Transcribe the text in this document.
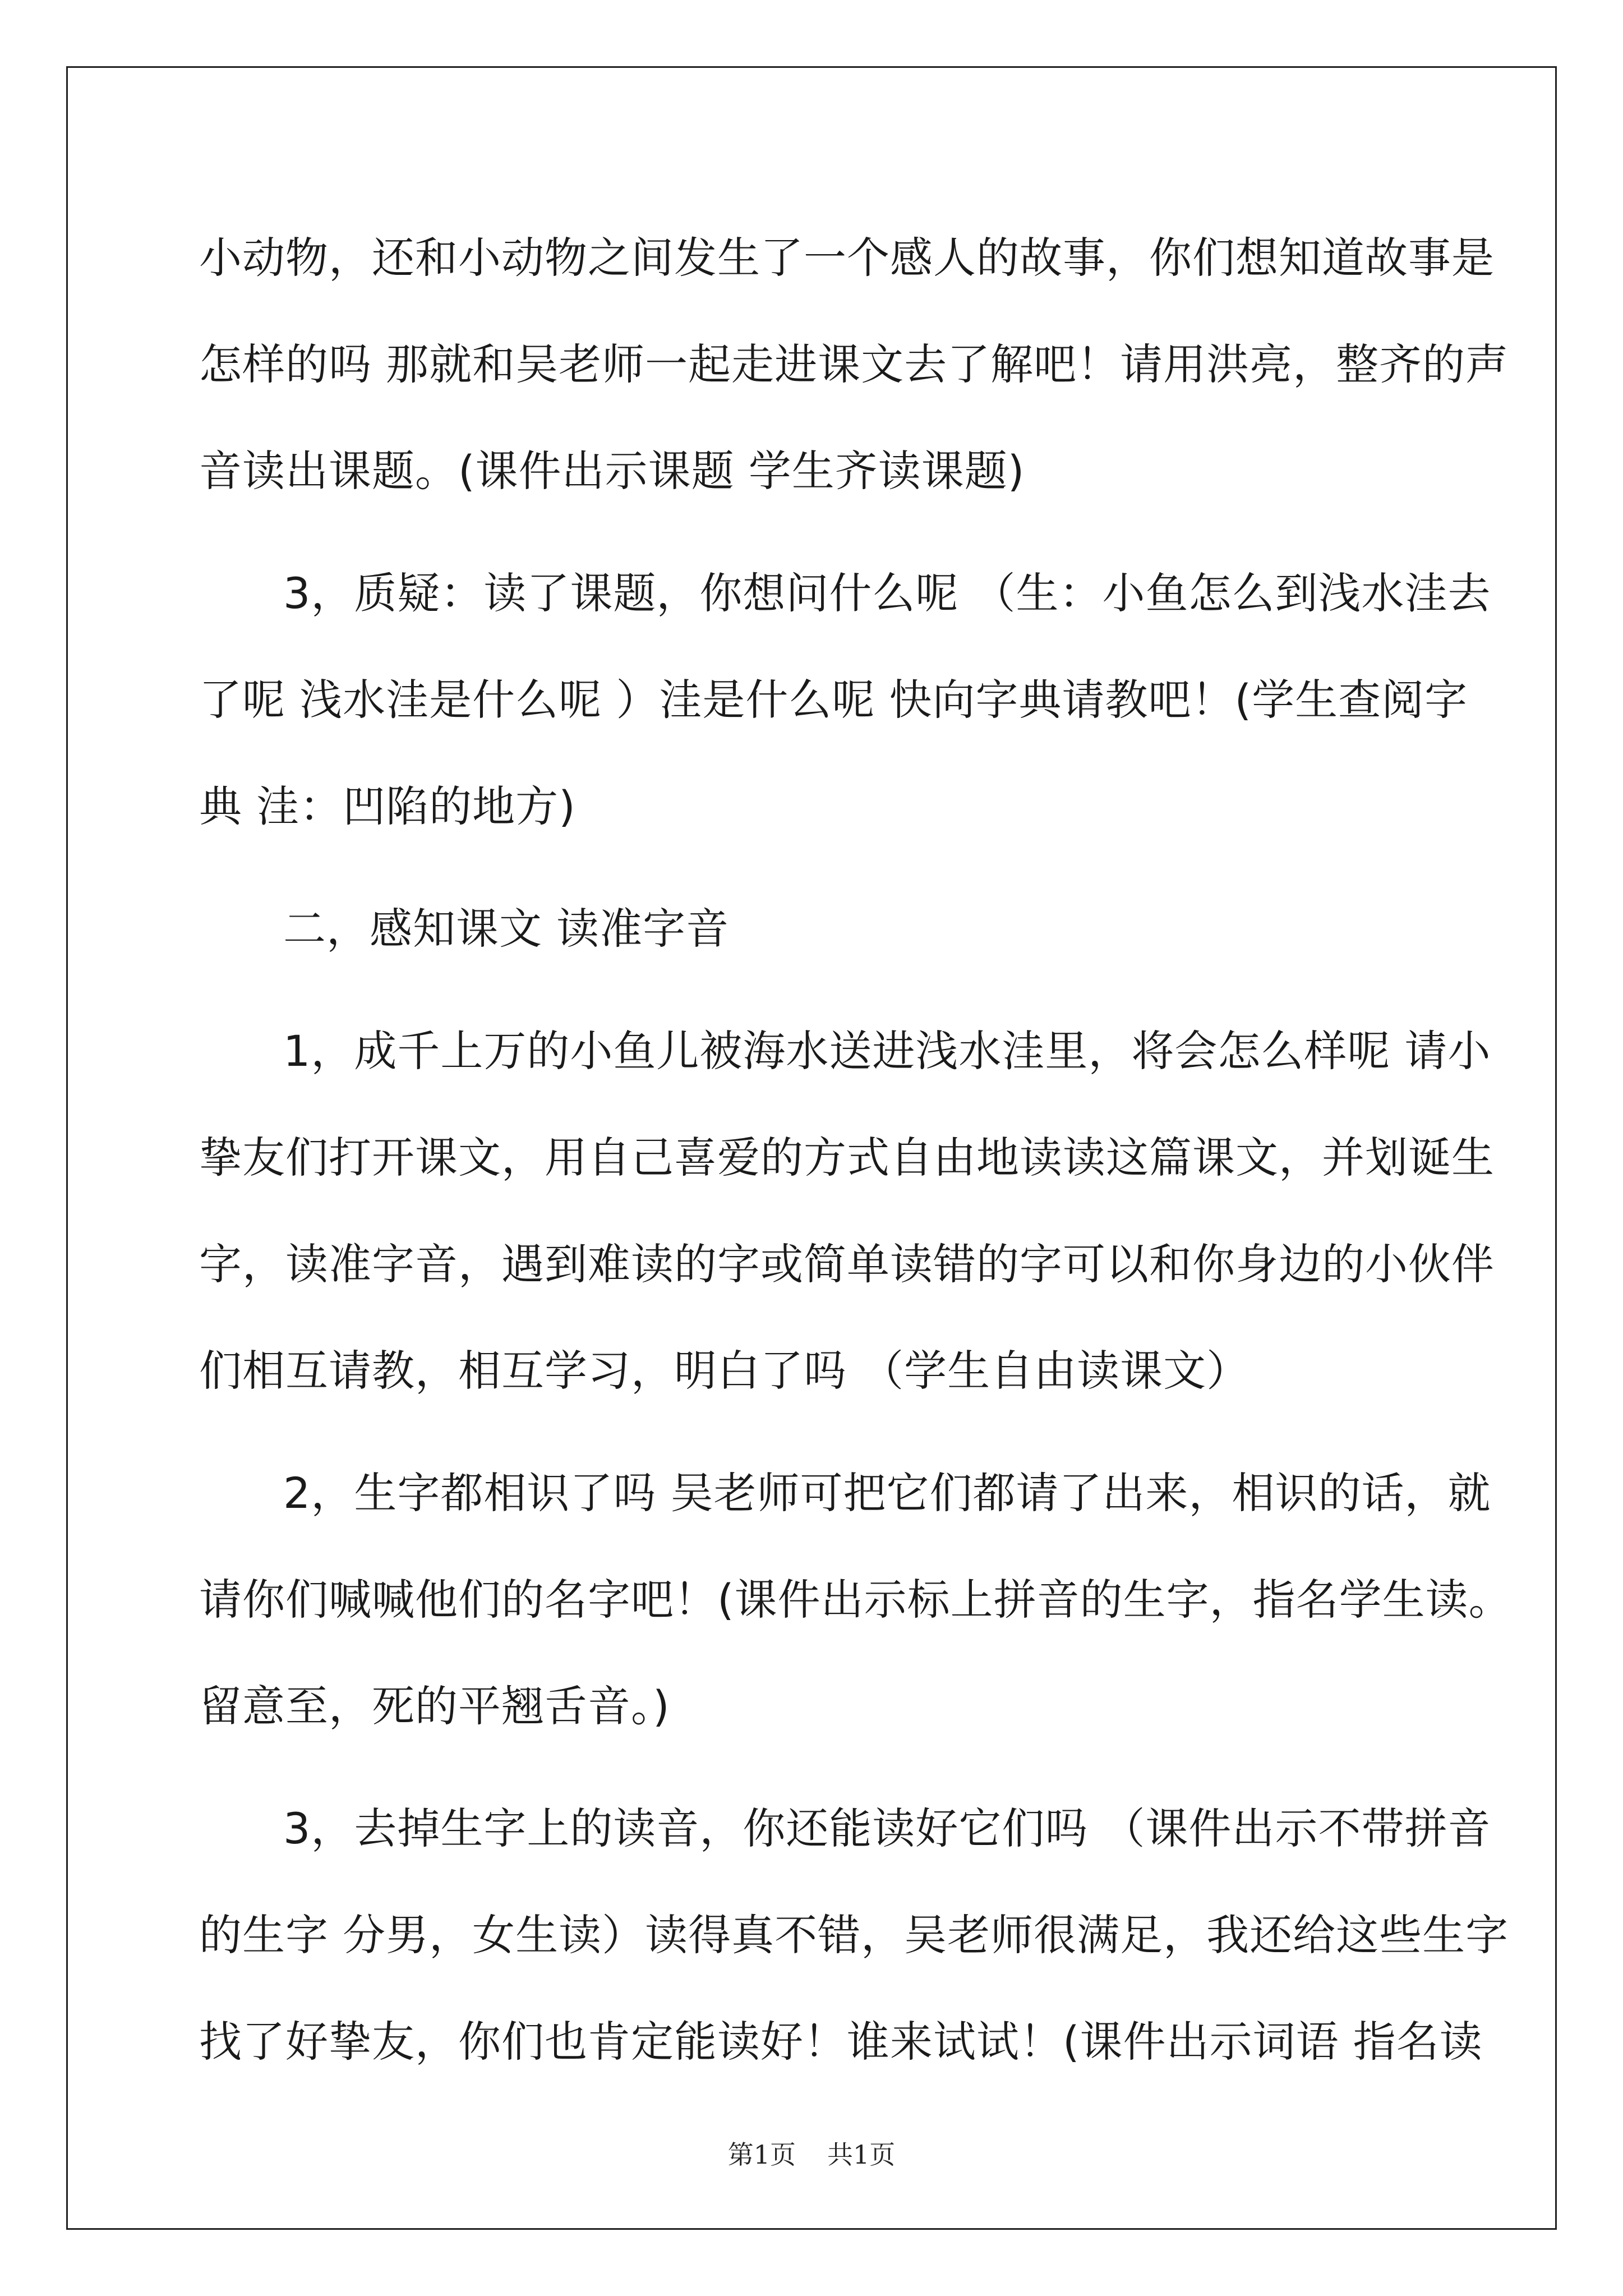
小动物，还和小动物之间发生了一个感人的故事，你们想知道故事是
怎样的吗 那就和吴老师一起走进课文去了解吧！请用洪亮，整齐的声
音读出课题。(课件出示课题 学生齐读课题)
3，质疑：读了课题，你想问什么呢 （生：小鱼怎么到浅水洼去
了呢 浅水洼是什么呢 ）洼是什么呢 快向字典请教吧！(学生查阅字
典 洼：凹陷的地方)
二，感知课文 读准字音
1，成千上万的小鱼儿被海水送进浅水洼里，将会怎么样呢 请小
挚友们打开课文，用自己喜爱的方式自由地读读这篇课文，并划诞生
字，读准字音，遇到难读的字或简单读错的字可以和你身边的小伙伴
们相互请教，相互学习，明白了吗 （学生自由读课文）
2，生字都相识了吗 吴老师可把它们都请了出来，相识的话，就
请你们喊喊他们的名字吧！(课件出示标上拼音的生字，指名学生读。
留意至，死的平翘舌音。)
3，去掉生字上的读音，你还能读好它们吗 （课件出示不带拼音
的生字 分男，女生读）读得真不错，吴老师很满足，我还给这些生字
找了好挚友，你们也肯定能读好！谁来试试！(课件出示词语 指名读
第1页 共1页
